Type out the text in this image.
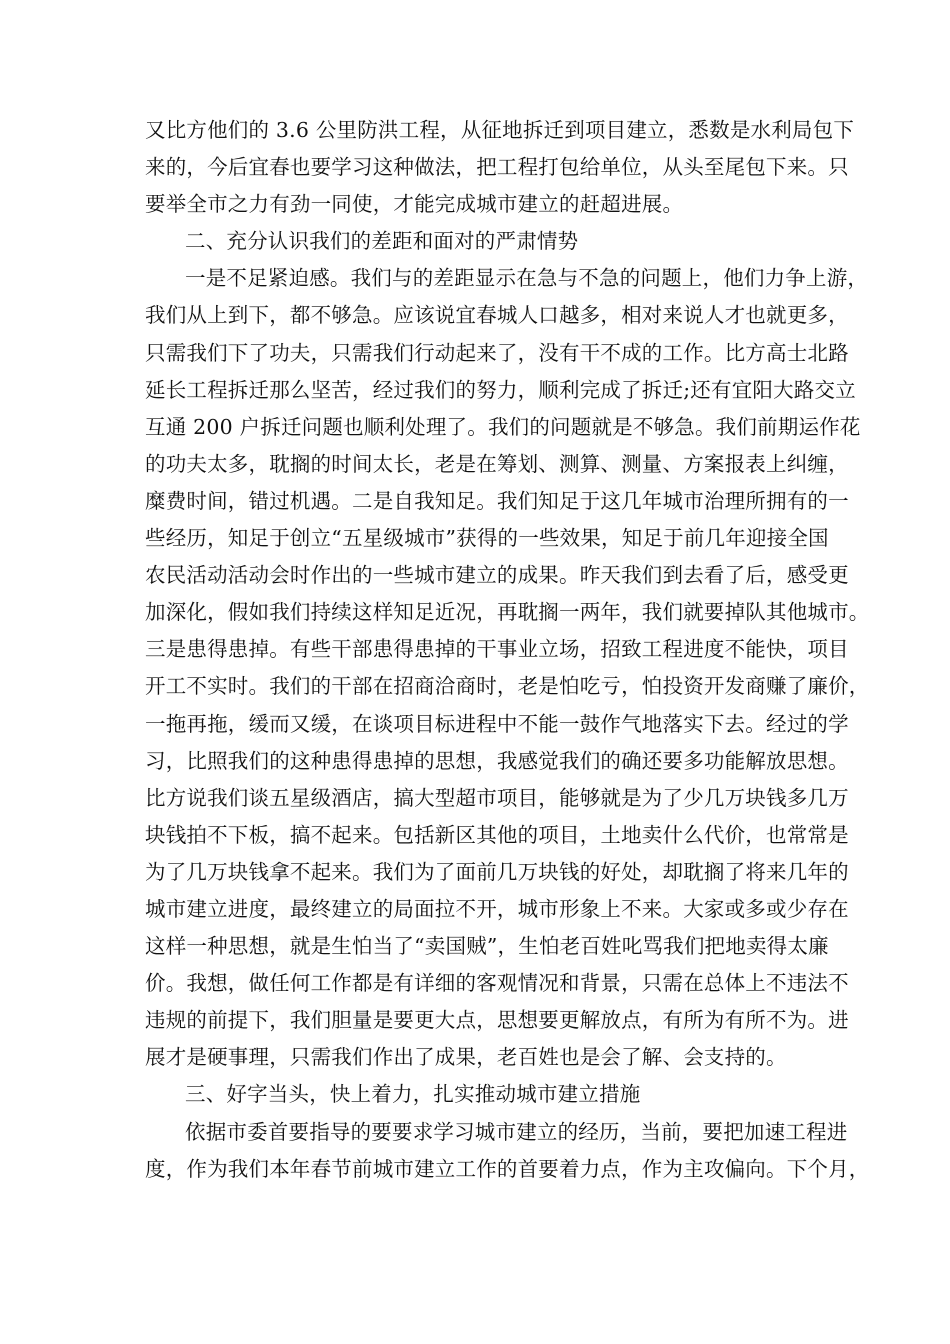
又比方他们的 3.6 公里防洪工程，从征地拆迁到项目建立，悉数是水利局包下
来的，今后宜春也要学习这种做法，把工程打包给单位，从头至尾包下来。只
要举全市之力有劲一同使，才能完成城市建立的赶超进展。
二、充分认识我们的差距和面对的严肃情势
一是不足紧迫感。我们与的差距显示在急与不急的问题上，他们力争上游，
我们从上到下，都不够急。应该说宜春城人口越多，相对来说人才也就更多，
只需我们下了功夫，只需我们行动起来了，没有干不成的工作。比方高士北路
延长工程拆迁那么坚苦，经过我们的努力，顺利完成了拆迁;还有宜阳大路交立
互通 200 户拆迁问题也顺利处理了。我们的问题就是不够急。我们前期运作花
的功夫太多，耽搁的时间太长，老是在筹划、测算、测量、方案报表上纠缠，
糜费时间，错过机遇。二是自我知足。我们知足于这几年城市治理所拥有的一
些经历，知足于创立“五星级城市”获得的一些效果，知足于前几年迎接全国
农民活动活动会时作出的一些城市建立的成果。昨天我们到去看了后，感受更
加深化，假如我们持续这样知足近况，再耽搁一两年，我们就要掉队其他城市。
三是患得患掉。有些干部患得患掉的干事业立场，招致工程进度不能快，项目
开工不实时。我们的干部在招商洽商时，老是怕吃亏，怕投资开发商赚了廉价，
一拖再拖，缓而又缓，在谈项目标进程中不能一鼓作气地落实下去。经过的学
习，比照我们的这种患得患掉的思想，我感觉我们的确还要多功能解放思想。
比方说我们谈五星级酒店，搞大型超市项目，能够就是为了少几万块钱多几万
块钱拍不下板，搞不起来。包括新区其他的项目，土地卖什么代价，也常常是
为了几万块钱拿不起来。我们为了面前几万块钱的好处，却耽搁了将来几年的
城市建立进度，最终建立的局面拉不开，城市形象上不来。大家或多或少存在
这样一种思想，就是生怕当了“卖国贼”，生怕老百姓叱骂我们把地卖得太廉
价。我想，做任何工作都是有详细的客观情况和背景，只需在总体上不违法不
违规的前提下，我们胆量是要更大点，思想要更解放点，有所为有所不为。进
展才是硬事理，只需我们作出了成果，老百姓也是会了解、会支持的。
三、好字当头，快上着力，扎实推动城市建立措施
依据市委首要指导的要要求学习城市建立的经历，当前，要把加速工程进
度，作为我们本年春节前城市建立工作的首要着力点，作为主攻偏向。下个月，
